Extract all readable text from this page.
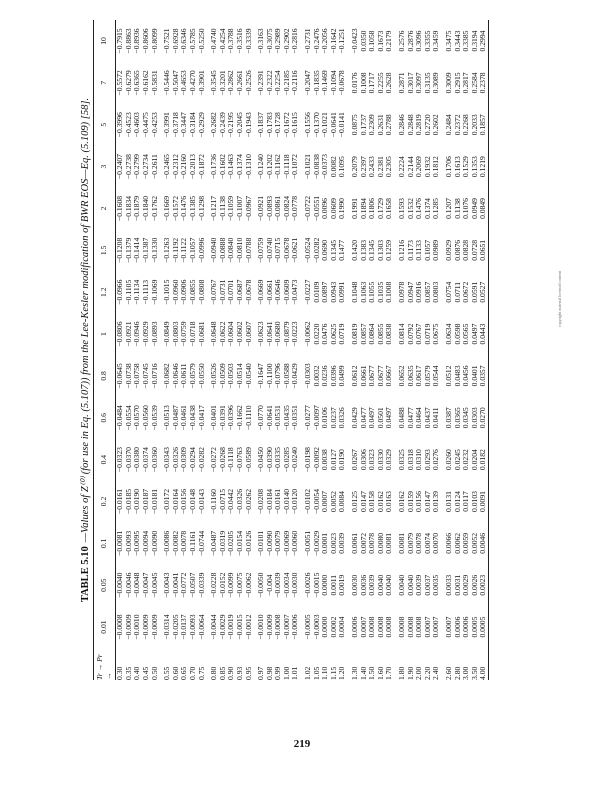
TABLE 5.10—Values of Z⁽⁰⁾ (for use in Eq. (5.107)) from the Lee-Kesler modification of BWR EOS—Eq. (5.109) [58].
Tr → Pr →	0.01	0.05	0.1	0.2	0.4	0.6	0.8	1	1.2	1.5	2	3	5	7	10
0.30	−0.0008	−0.0040	−0.0081	−0.0161	−0.0323	−0.0484	−0.0645	−0.0806	−0.0966	−0.1208	−0.1608	−0.2407	−0.3996	−0.5572	−0.7915
0.35	−0.0009	−0.0046	−0.0093	−0.0185	−0.0370	−0.0554	−0.0738	−0.0921	−0.1105	−0.1379	−0.1834	−0.2738	−0.4523	−0.6279	−0.8863
0.40	−0.0010	−0.0048	−0.0095	−0.0190	−0.0380	−0.0570	−0.0758	−0.0946	−0.1134	−0.1414	−0.1879	−0.2799	−0.4603	−0.6365	−0.8936
0.45	−0.0009	−0.0047	−0.0094	−0.0187	−0.0374	−0.0560	−0.0745	−0.0929	−0.1113	−0.1387	−0.1840	−0.2734	−0.4475	−0.6162	−0.8606
0.50	−0.0009	−0.0045	−0.0090	−0.0181	−0.0360	−0.0539	−0.0716	−0.0893	−0.1069	−0.1330	−0.1762	−0.2611	−0.4253	−0.5831	−0.8099
0.55	−0.0314	−0.0043	−0.0086	−0.0172	−0.0343	−0.0513	−0.0682	−0.0849	−0.1015	−0.1263	−0.1669	−0.2465	−0.3991	−0.5446	−0.7521
0.60	−0.0205	−0.0041	−0.0082	−0.0164	−0.0326	−0.0487	−0.0646	−0.0803	−0.0960	−0.1192	−0.1572	−0.2312	−0.3718	−0.5047	−0.6928
0.65	−0.0137	−0.0772	−0.0078	−0.0156	−0.0309	−0.0461	−0.0611	−0.0759	−0.0906	−0.1122	−0.1476	−0.2160	−0.3447	−0.4653	−0.6346
0.70	−0.0093	−0.0507	−0.1161	−0.0148	−0.0294	−0.0438	−0.0579	−0.0718	−0.0855	−0.1057	−0.1385	−0.2013	−0.3184	−0.4270	−0.5785
0.75	−0.0064	−0.0339	−0.0744	−0.0143	−0.0282	−0.0417	−0.0550	−0.0681	−0.0808	−0.0996	−0.1298	−0.1872	−0.2929	−0.3901	−0.5250
0.80	−0.0044	−0.0228	−0.0487	−0.1160	−0.0272	−0.0401	−0.0526	−0.0648	−0.0767	−0.0940	−0.1217	−0.1736	−0.2682	−0.3545	−0.4740
0.85	−0.0029	−0.0152	−0.0319	−0.0715	−0.0268	−0.0391	−0.0509	−0.0622	−0.0731	−0.0888	−0.1138	−0.1602	−0.2439	−0.3201	−0.4254
0.90	−0.0019	−0.0099	−0.0205	−0.0442	−0.1118	−0.0396	−0.0503	−0.0604	−0.0701	−0.0840	−0.1059	−0.1463	−0.2195	−0.2862	−0.3788
0.93	−0.0015	−0.0075	−0.0154	−0.0326	−0.0763	−0.1662	−0.0514	−0.0602	−0.0687	−0.0810	−0.1007	−0.1374	−0.2045	−0.2661	−0.3516
0.95	−0.0012	−0.0062	−0.0126	−0.0262	−0.0589	−0.1110	−0.0540	−0.0607	−0.0678	−0.0788	−0.0967	−0.1310	−0.1943	−0.2526	−0.3339
0.97	−0.0010	−0.0050	−0.0101	−0.0208	−0.0450	−0.0770	−0.1647	−0.0623	−0.0669	−0.0759	−0.0921	−0.1240	−0.1837	−0.2391	−0.3163
0.98	−0.0009	−0.004	−0.0090	−0.0184	−0.0390	−0.0641	−0.1100	−0.0641	−0.0661	−0.0740	−0.0893	−0.1202	−0.1783	−0.2322	−0.3075
0.99	−0.0008	−0.0039	−0.0079	−0.0161	−0.0335	−0.0531	−0.0796	−0.0680	−0.0646	−0.0715	−0.0861	−0.1162	−0.1728	−0.2254	−0.2989
1.00	−0.0007	−0.0034	−0.0069	−0.0140	−0.0285	−0.0435	−0.0588	−0.0879	−0.0609	−0.0678	−0.0824	−0.1118	−0.1672	−0.2185	−0.2902
1.01	−0.0006	−0.0030	−0.0060	−0.0120	−0.0240	−0.0351	−0.0429	−0.0223	−0.0473	−0.0621	−0.0778	−0.1072	−0.1615	−0.2116	−0.2816
1.02	−0.0005	−0.0026	−0.0051	−0.0102	−0.0198	−0.0277	−0.0303	−0.0062	−0.0227	−0.0524	−0.0722	−0.1021	−0.1556	−0.2047	−0.2731
1.05	−0.0003	−0.0015	−0.0029	−0.0054	−0.0092	−0.0097	0.0032	0.0220	0.0109	−0.0282	−0.0551	−0.0838	−0.1370	−0.1835	−0.2476
1.10	0.0000	0.0000	0.0001	0.0007	0.0038	0.0106	0.0236	0.0476	0.0897	0.0690	0.0096	−0.0373	−0.1021	−0.1469	−0.2056
1.15	0.0002	0.0011	0.0023	0.0052	0.0127	0.0237	0.0396	0.0625	0.0943	0.1345	0.0609	0.0082	−0.0641	−0.1094	−0.1642
1.20	0.0004	0.0019	0.0039	0.0084	0.0190	0.0326	0.0499	0.0719	0.0991	0.1477	0.1990	0.1095	−0.0141	−0.0678	−0.1251
1.30	0.0006	0.0030	0.0061	0.0125	0.0267	0.0429	0.0612	0.0819	0.1048	0.1420	0.1991	0.2079	0.0875	0.0176	−0.0423
1.40	0.0007	0.0036	0.0072	0.0147	0.0306	0.0477	0.0661	0.0857	0.1063	0.1383	0.1894	0.2397	0.1737	0.1008	0.0350
1.50	0.0008	0.0039	0.0078	0.0158	0.0323	0.0497	0.0677	0.0864	0.1055	0.1345	0.1806	0.2433	0.2309	0.1717	0.1058
1.60	0.0008	0.0040	0.0080	0.0162	0.0330	0.0501	0.0677	0.0855	0.1035	0.1303	0.1729	0.2381	0.2631	0.2255	0.1673
1.70	0.0008	0.0040	0.0081	0.0163	0.0329	0.0497	0.0667	0.0838	0.1008	0.1259	0.1658	0.2305	0.2788	0.2628	0.2179
1.80	0.0008	0.0040	0.0081	0.0162	0.0325	0.0488	0.0652	0.0814	0.0978	0.1216	0.1593	0.2224	0.2846	0.2871	0.2576
1.90	0.0008	0.0040	0.0079	0.0159	0.0318	0.0477	0.0635	0.0792	0.0947	0.1173	0.1532	0.2144	0.2848	0.3017	0.2876
2.00	0.0008	0.0039	0.0078	0.0156	0.0310	0.0464	0.0617	0.0767	0.0916	0.1133	0.1476	0.2069	0.2819	0.3097	0.3096
2.20	0.0007	0.0037	0.0074	0.0147	0.0293	0.0437	0.0579	0.0719	0.0857	0.1057	0.1374	0.1932	0.2720	0.3135	0.3355
2.40	0.0007	0.0035	0.0070	0.0139	0.0276	0.0411	0.0544	0.0675	0.0803	0.0989	0.1285	0.1812	0.2602	0.3089	0.3459
2.60	0.0007	0.0033	0.0066	0.0131	0.0260	0.0387	0.0512	0.0634	0.0754	0.0929	0.1207	0.1706	0.2484	0.3009	0.3475
2.80	0.0006	0.0031	0.0062	0.0124	0.0245	0.0365	0.0483	0.0598	0.0711	0.0876	0.1138	0.1613	0.2372	0.2915	0.3443
3.00	0.0006	0.0029	0.0059	0.0117	0.0232	0.0345	0.0456	0.0565	0.0672	0.0828	0.1076	0.1529	0.2268	0.2817	0.3385
3.50	0.0005	0.0026	0.0052	0.0103	0.0204	0.0303	0.0401	0.0497	0.0591	0.0728	0.0949	0.1353	0.2033	0.2584	0.3194
4.00	0.0005	0.0023	0.0046	0.0091	0.0182	0.0270	0.0357	0.0443	0.0527	0.0651	0.0849	0.1219	0.1857	0.2378	0.2994
219
copyright material licensed content
